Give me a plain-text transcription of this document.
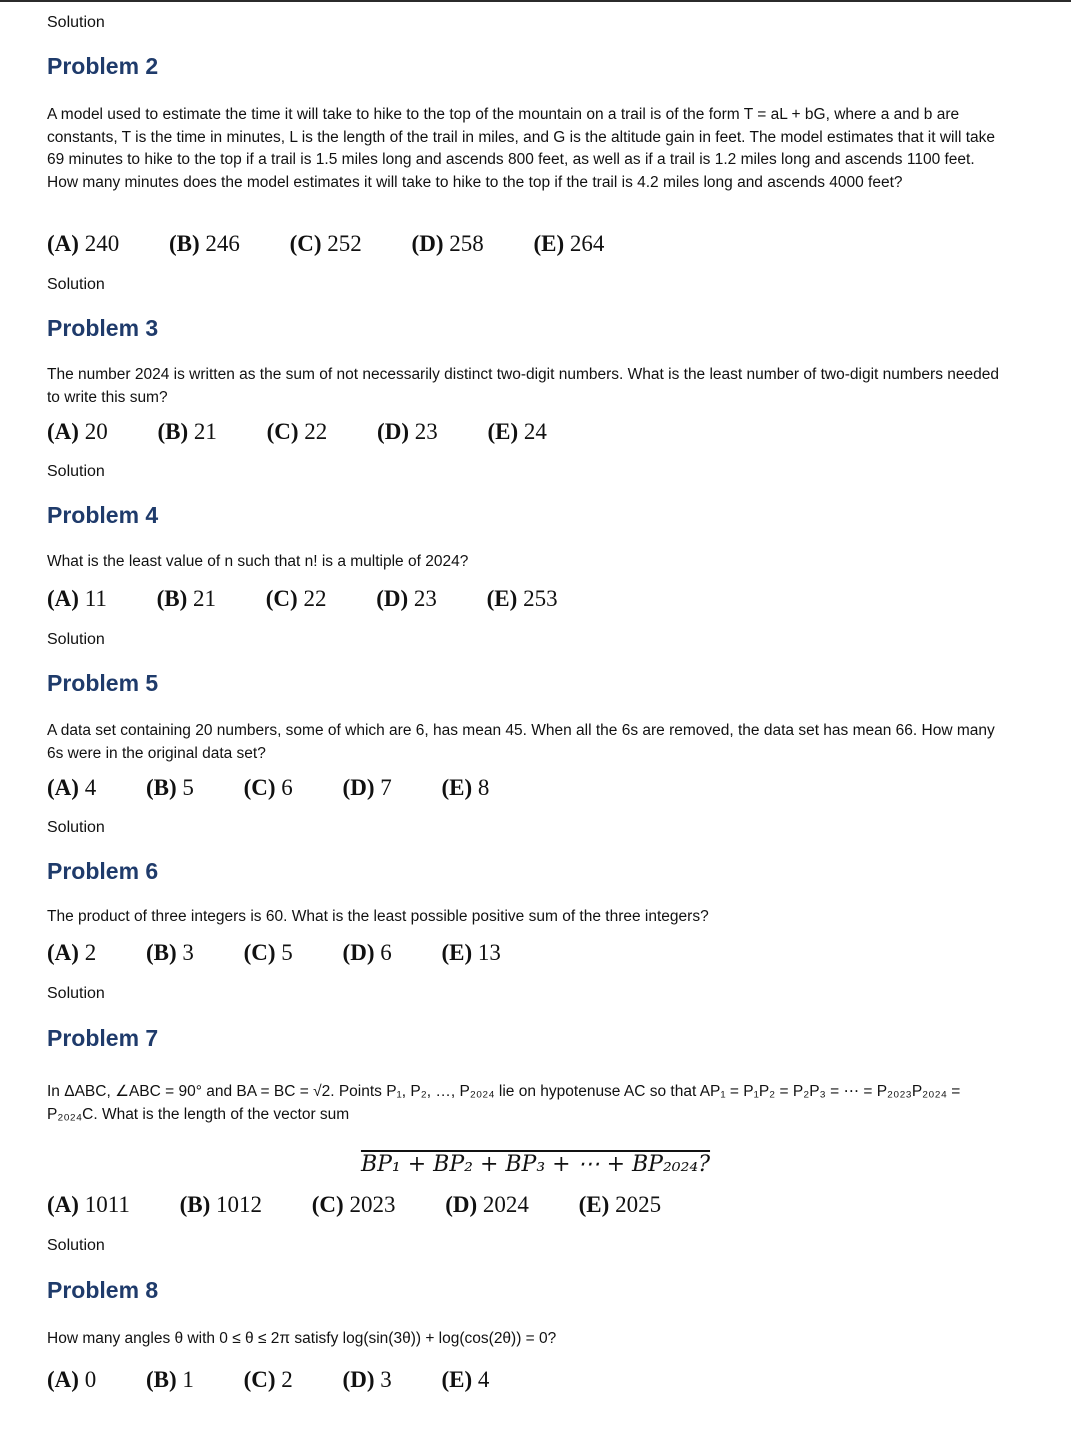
Solution
Problem 2
A model used to estimate the time it will take to hike to the top of the mountain on a trail is of the form T = aL + bG, where a and b are constants, T is the time in minutes, L is the length of the trail in miles, and G is the altitude gain in feet. The model estimates that it will take 69 minutes to hike to the top if a trail is 1.5 miles long and ascends 800 feet, as well as if a trail is 1.2 miles long and ascends 1100 feet. How many minutes does the model estimates it will take to hike to the top if the trail is 4.2 miles long and ascends 4000 feet?
(A) 240 (B) 246 (C) 252 (D) 258 (E) 264
Solution
Problem 3
The number 2024 is written as the sum of not necessarily distinct two-digit numbers. What is the least number of two-digit numbers needed to write this sum?
(A) 20 (B) 21 (C) 22 (D) 23 (E) 24
Solution
Problem 4
What is the least value of n such that n! is a multiple of 2024?
(A) 11 (B) 21 (C) 22 (D) 23 (E) 253
Solution
Problem 5
A data set containing 20 numbers, some of which are 6, has mean 45. When all the 6s are removed, the data set has mean 66. How many 6s were in the original data set?
(A) 4 (B) 5 (C) 6 (D) 7 (E) 8
Solution
Problem 6
The product of three integers is 60. What is the least possible positive sum of the three integers?
(A) 2 (B) 3 (C) 5 (D) 6 (E) 13
Solution
Problem 7
In ΔABC, ∠ABC = 90° and BA = BC = √2. Points P₁, P₂, …, P₂₀₂₄ lie on hypotenuse AC so that AP₁ = P₁P₂ = P₂P₃ = ⋯ = P₂₀₂₃P₂₀₂₄ = P₂₀₂₄C. What is the length of the vector sum
BP₁ + BP₂ + BP₃ + ⋯ + BP₂₀₂₄?
(A) 1011 (B) 1012 (C) 2023 (D) 2024 (E) 2025
Solution
Problem 8
How many angles θ with 0 ≤ θ ≤ 2π satisfy log(sin(3θ)) + log(cos(2θ)) = 0?
(A) 0 (B) 1 (C) 2 (D) 3 (E) 4
